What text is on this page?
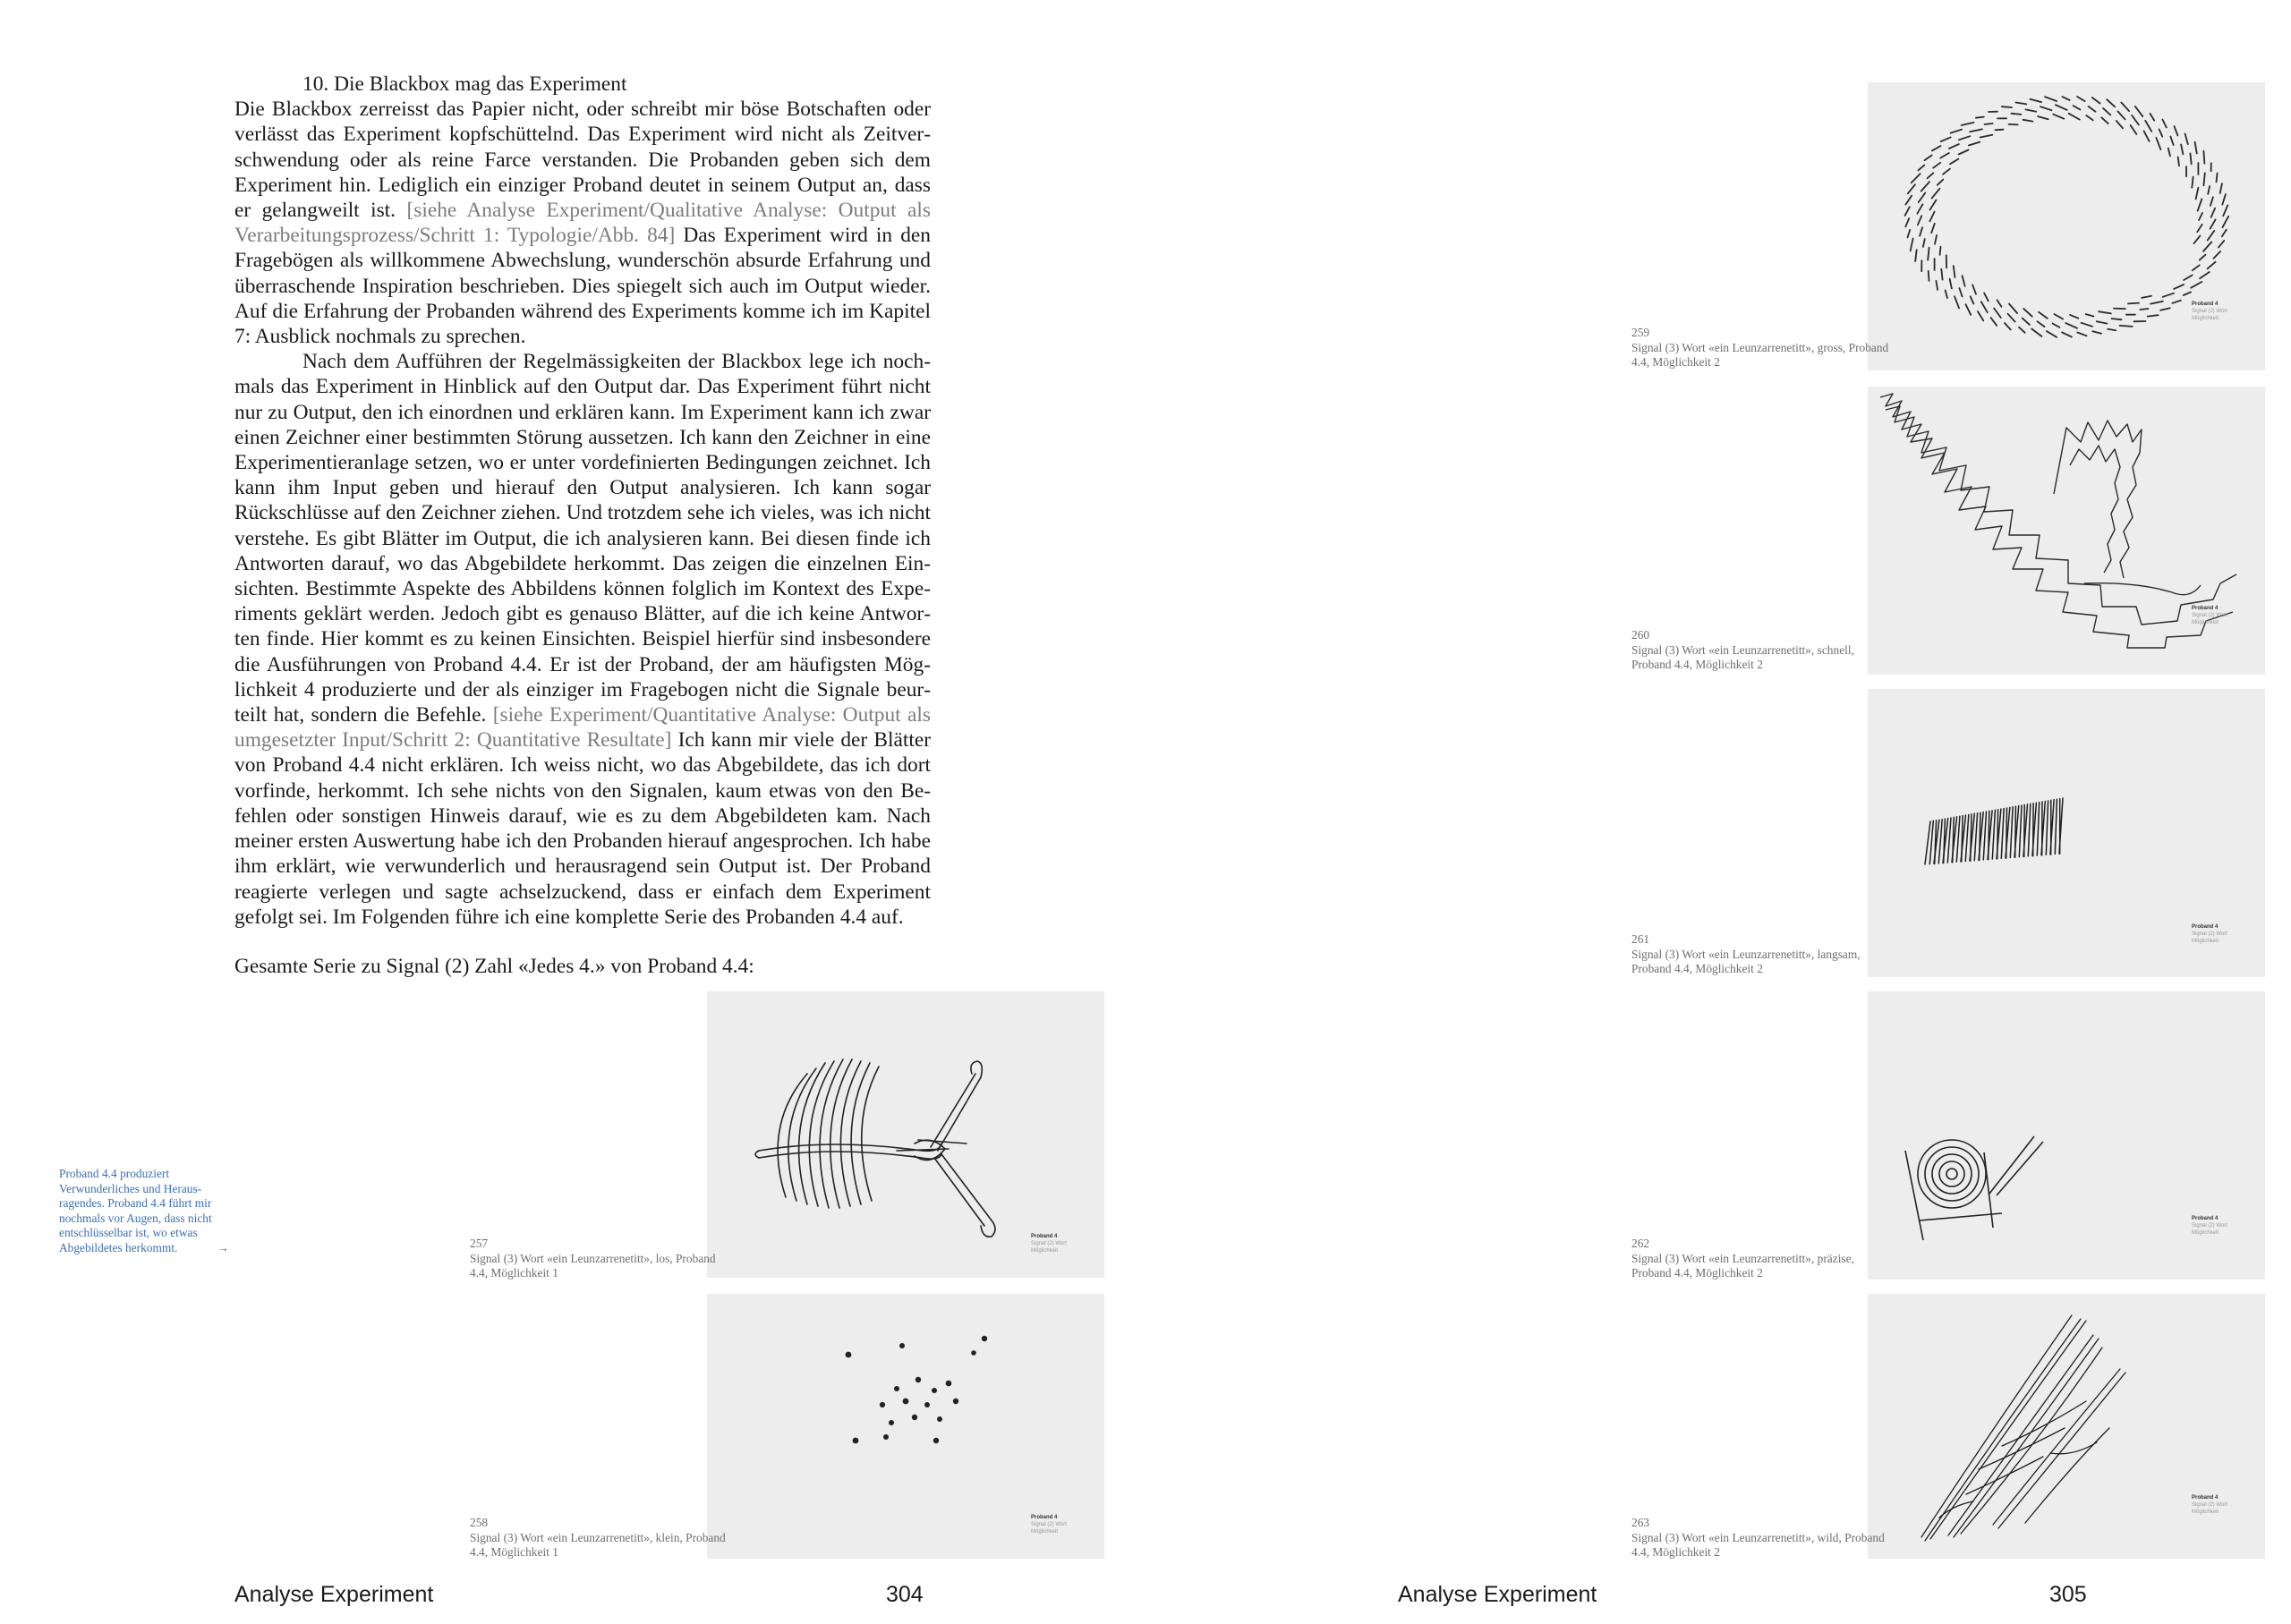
10. Die Blackbox mag das Experiment

Die Blackbox zerreisst das Papier nicht, oder schreibt mir böse Botschaften oder verlässt das Experiment kopfschüttelnd. Das Experiment wird nicht als Zeitverschwendung oder als reine Farce verstanden. Die Probanden geben sich dem Experiment hin. Lediglich ein einziger Proband deutet in seinem Output an, dass er gelangweilt ist. [siehe Analyse Experiment/Qualitative Analyse: Output als Verarbeitungsprozess/Schritt 1: Typologie/Abb. 84] Das Experiment wird in den Fragebögen als willkommene Abwechslung, wunderschön absurde Erfahrung und überraschende Inspiration beschrieben. Dies spiegelt sich auch im Output wieder. Auf die Erfahrung der Probanden während des Experiments komme ich im Kapitel 7: Ausblick nochmals zu sprechen.

Nach dem Aufführen der Regelmässigkeiten der Blackbox lege ich nochmals das Experiment in Hinblick auf den Output dar. Das Experiment führt nicht nur zu Output, den ich einordnen und erklären kann. Im Experiment kann ich zwar einen Zeichner einer bestimmten Störung aussetzen. Ich kann den Zeichner in eine Experimentieranlage setzen, wo er unter vordefinierten Bedingungen zeichnet. Ich kann ihm Input geben und hierauf den Output analysieren. Ich kann sogar Rückschlüsse auf den Zeichner ziehen. Und trotzdem sehe ich vieles, was ich nicht verstehe. Es gibt Blätter im Output, die ich analysieren kann. Bei diesen finde ich Antworten darauf, wo das Abgebildete herkommt. Das zeigen die einzelnen Einsichten. Bestimmte Aspekte des Abbildens können folglich im Kontext des Experiments geklärt werden. Jedoch gibt es genauso Blätter, auf die ich keine Antworten finde. Hier kommt es zu keinen Einsichten. Beispiel hierfür sind insbesondere die Ausführungen von Proband 4.4. Er ist der Proband, der am häufigsten Möglichkeit 4 produzierte und der als einziger im Fragebogen nicht die Signale beurteilt hat, sondern die Befehle. [siehe Experiment/Quantitative Analyse: Output als umgesetzter Input/Schritt 2: Quantitative Resultate] Ich kann mir viele der Blätter von Proband 4.4 nicht erklären. Ich weiss nicht, wo das Abgebildete, das ich dort vorfinde, herkommt. Ich sehe nichts von den Signalen, kaum etwas von den Befehlen oder sonstigen Hinweis darauf, wie es zu dem Abgebildeten kam. Nach meiner ersten Auswertung habe ich den Probanden hierauf angesprochen. Ich habe ihm erklärt, wie verwunderlich und herausragend sein Output ist. Der Proband reagierte verlegen und sagte achselzuckend, dass er einfach dem Experiment gefolgt sei. Im Folgenden führe ich eine komplette Serie des Probanden 4.4 auf.

Gesamte Serie zu Signal (2) Zahl «Jedes 4.» von Proband 4.4:
Proband 4.4 produziert Verwunderliches und Herausragendes. Proband 4.4 führt mir nochmals vor Augen, dass nicht entschlüsselbar ist, wo etwas Abgebildetes herkommt.	→
Proband 4
Signal (2) Wort
Möglichkeit
257
Signal (3) Wort «ein Leunzarrenetitt», los, Proband 4.4, Möglichkeit 1
Proband 4
Signal (2) Wort
Möglichkeit
258
Signal (3) Wort «ein Leunzarrenetitt», klein, Proband 4.4, Möglichkeit 1
Analyse Experiment	304
Proband 4
Signal (2) Wort
Möglichkeit
259
Signal (3) Wort «ein Leunzarrenetitt», gross, Proband 4.4, Möglichkeit 2
Proband 4
Signal (2) Wort
Möglichkeit
260
Signal (3) Wort «ein Leunzarrenetitt», schnell, Proband 4.4, Möglichkeit 2
Proband 4
Signal (2) Wort
Möglichkeit
261
Signal (3) Wort «ein Leunzarrenetitt», langsam, Proband 4.4, Möglichkeit 2
Proband 4
Signal (2) Wort
Möglichkeit
262
Signal (3) Wort «ein Leunzarrenetitt», präzise, Proband 4.4, Möglichkeit 2
Proband 4
Signal (2) Wort
Möglichkeit
263
Signal (3) Wort «ein Leunzarrenetitt», wild, Proband 4.4, Möglichkeit 2
Analyse Experiment	305
